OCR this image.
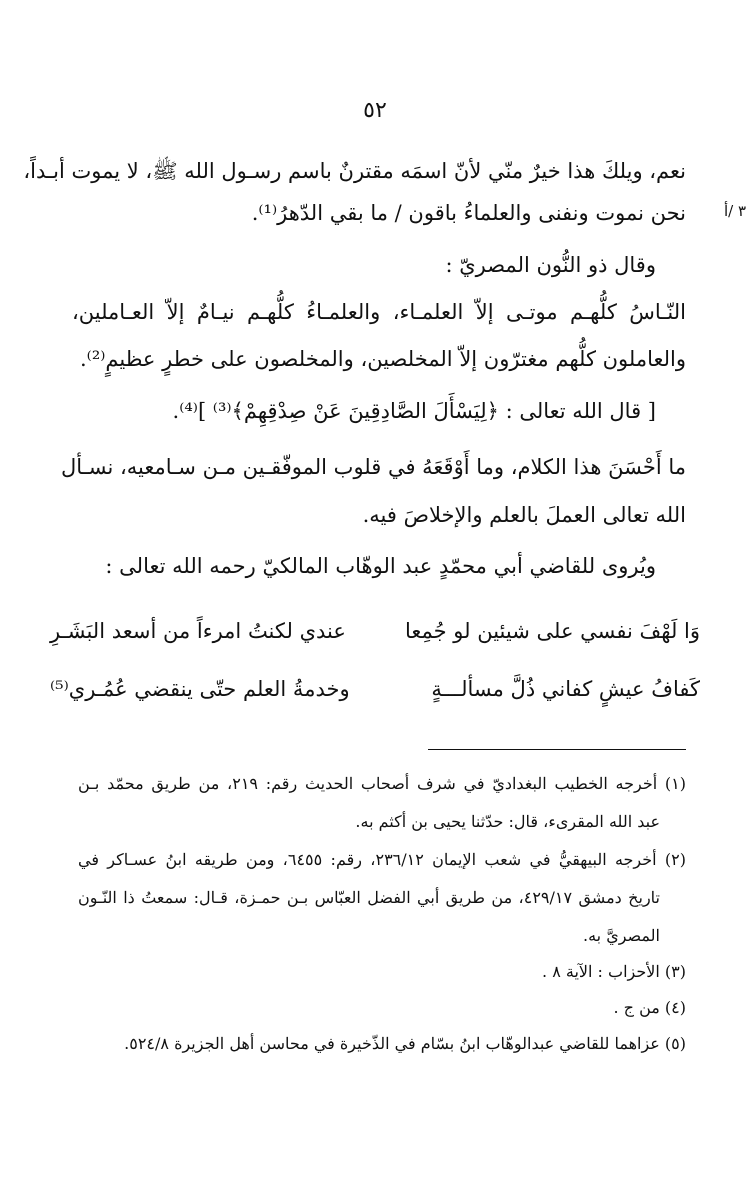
٥٢
٣ /أ
نعم، ويلكَ هذا خيرٌ منّي لأنّ اسمَه مقترنٌ باسم رسـول الله ﷺ، لا يموت أبـداً،
نحن نموت ونفنى والعلماءُ باقون / ما بقي الدّهرُ⁽¹⁾.
وقال ذو النُّون المصريّ :
النّـاسُ كلُّهـم موتـى إلاّ العلمـاء، والعلمـاءُ كلُّهـم نيـامٌ إلاّ العـاملين،
والعاملون كلُّهم مغترّون إلاّ المخلصين، والمخلصون على خطرٍ عظيمٍ⁽²⁾.
[ قال الله تعالى : ﴿لِيَسْأَلَ الصَّادِقِينَ عَنْ صِدْقِهِمْ﴾⁽³⁾ ]⁽⁴⁾.
ما أَحْسَنَ هذا الكلام، وما أَوْقَعَهُ في قلوب الموفّقـين مـن سـامعيه، نسـأل
الله تعالى العملَ بالعلم والإخلاصَ فيه.
ويُروى للقاضي أبي محمّدٍ عبد الوهّاب المالكيّ رحمه الله تعالى :
وَا لَهْفَ نفسي على شيئين لو جُمِعا
عندي لكنتُ امرءاً من أسعد البَشَـرِ
كَفافُ عيشٍ كفاني ذُلَّ مسألـــةٍ
وخدمةُ العلم حتّى ينقضي عُمُـري⁽⁵⁾
(١) أخرجه الخطيب البغداديّ في شرف أصحاب الحديث رقم: ٢١٩، من طريق محمّد بـن
عبد الله المقرىء، قال: حدّثنا يحيى بن أكثم به.
(٢) أخرجه البيهقيُّ في شعب الإيمان ٢٣٦/١٢، رقم: ٦٤٥٥، ومن طريقه ابنُ عسـاكر في
تاريخ دمشق ٤٢٩/١٧، من طريق أبي الفضل العبّاس بـن حمـزة، قـال: سمعتُ ذا النّـون
المصريَّ به.
(٣) الأحزاب : الآية ٨ .
(٤) من ج .
(٥) عزاهما للقاضي عبدالوهّاب ابنُ بسّام في الذّخيرة في محاسن أهل الجزيرة ٥٢٤/٨.
